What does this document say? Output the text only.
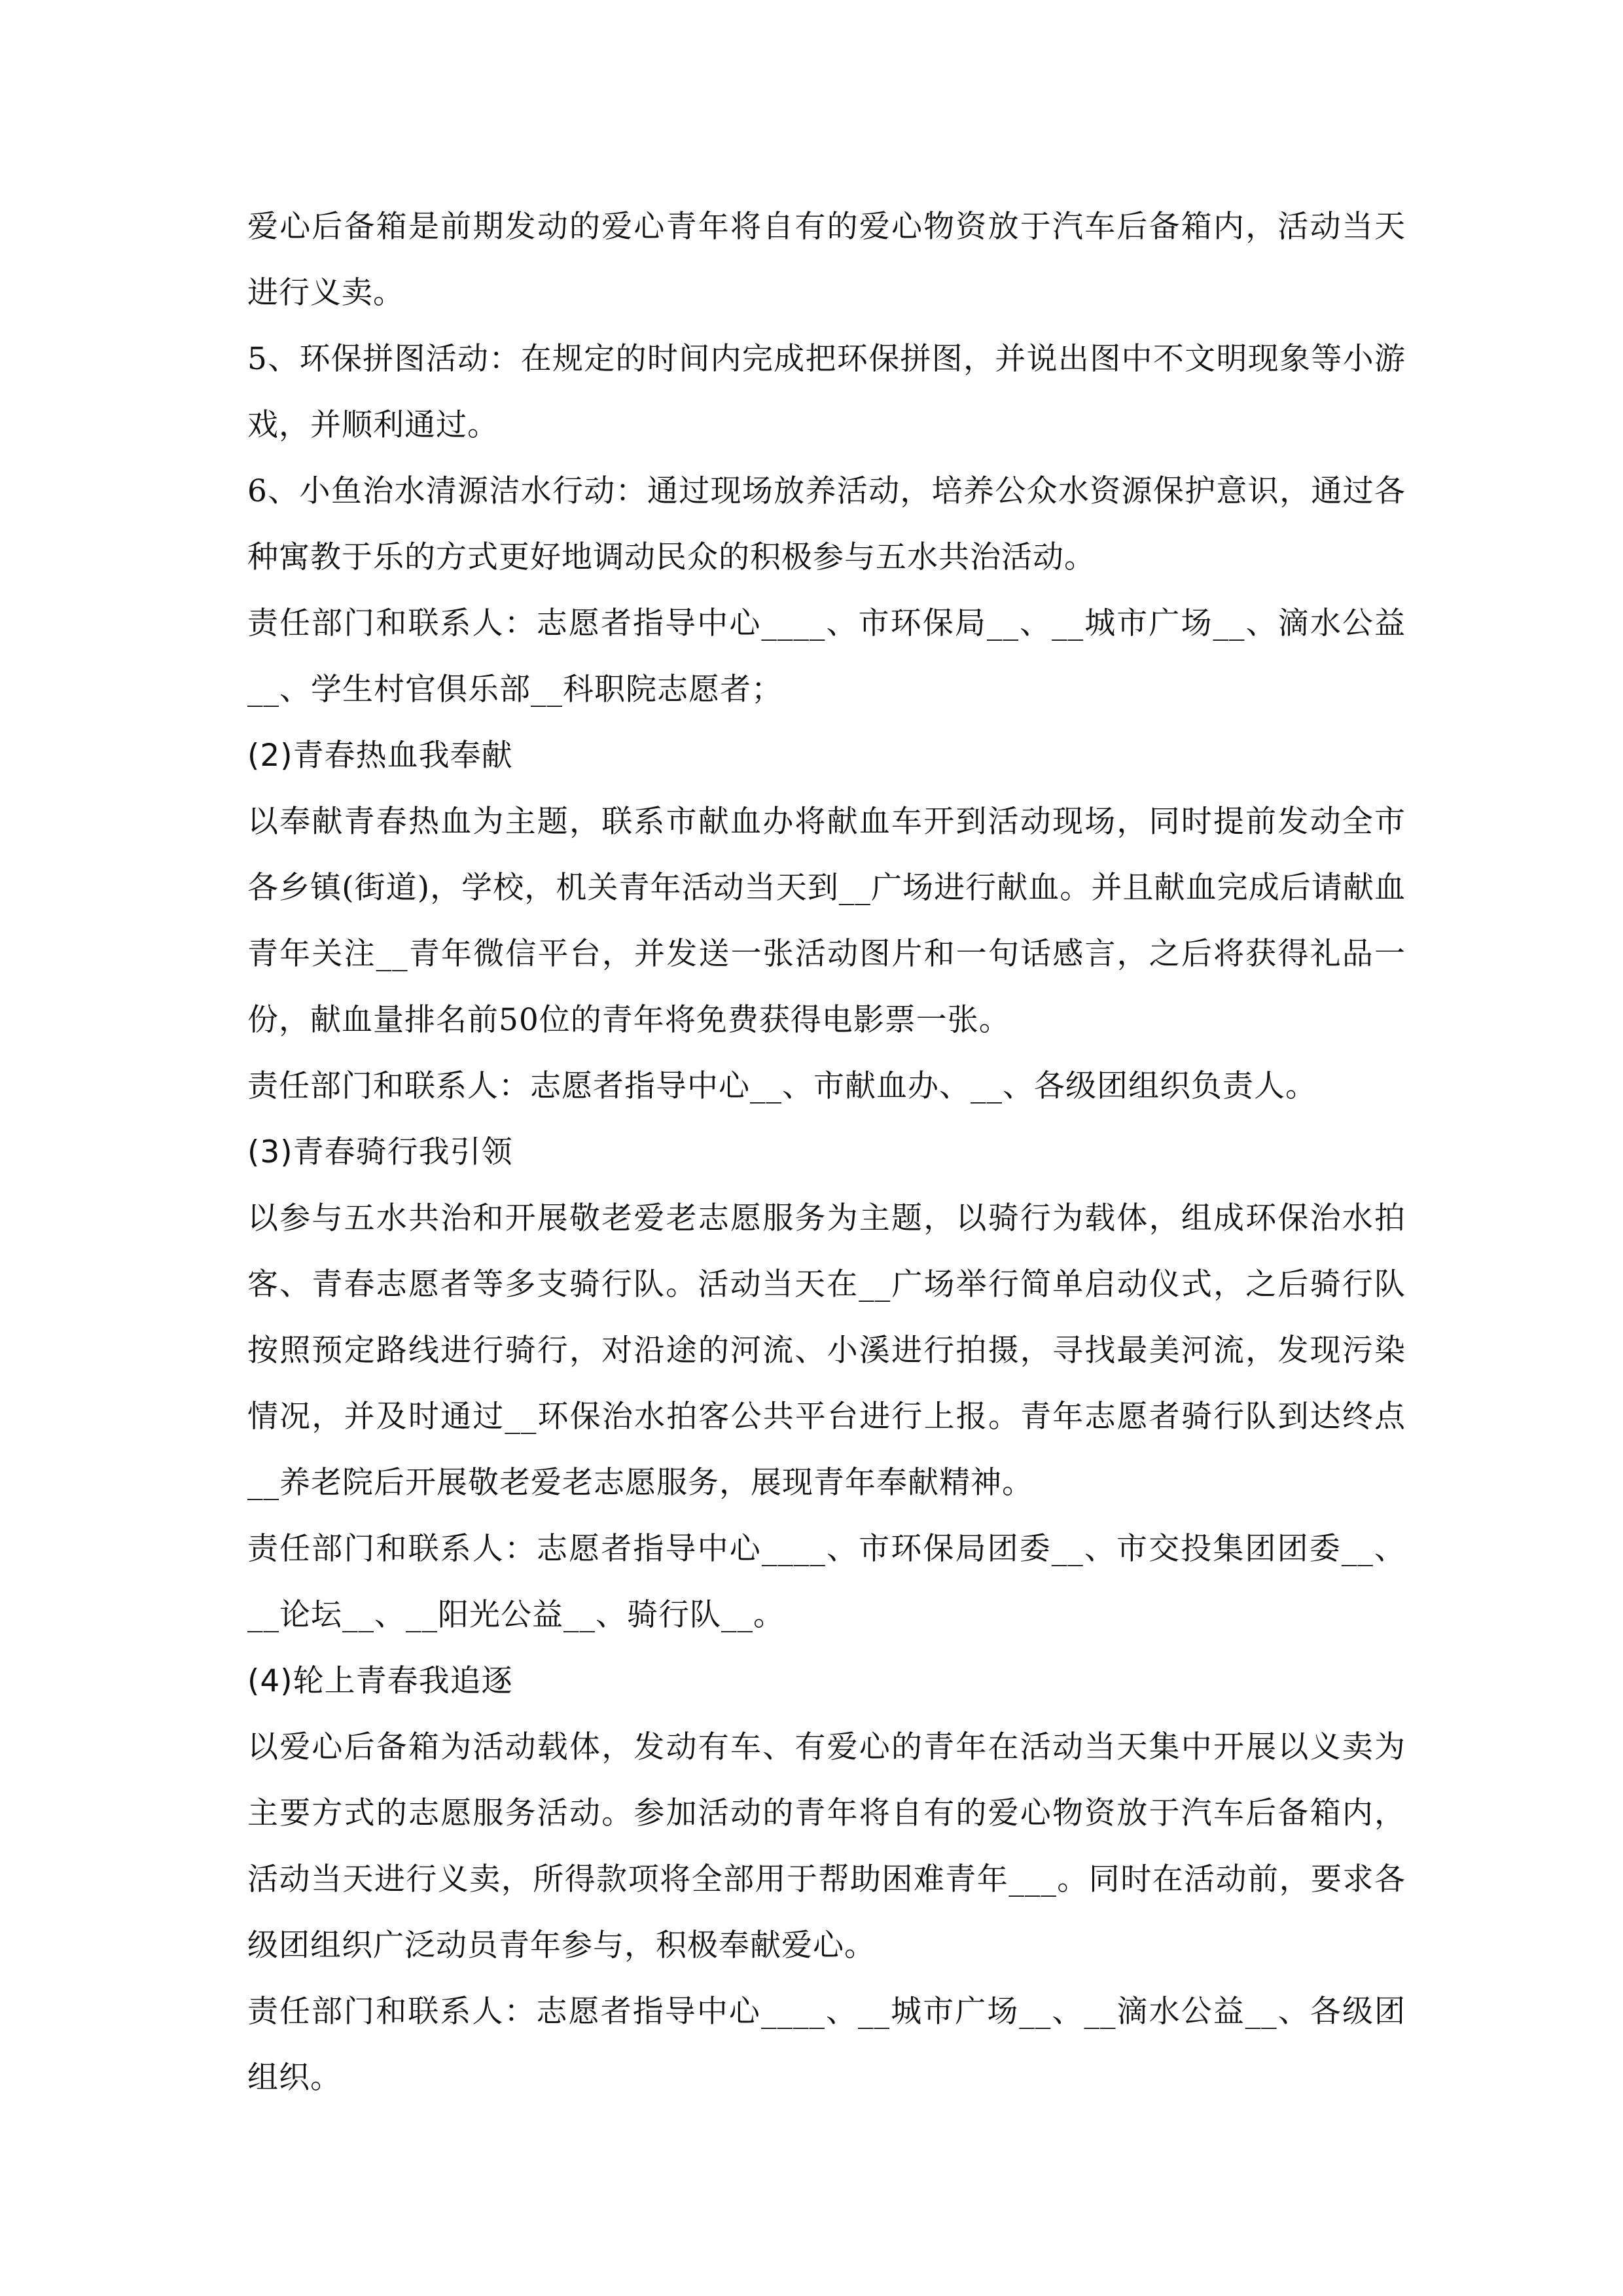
爱心后备箱是前期发动的爱心青年将自有的爱心物资放于汽车后备箱内，活动当天进行义卖。

5、环保拼图活动：在规定的时间内完成把环保拼图，并说出图中不文明现象等小游戏，并顺利通过。

6、小鱼治水清源洁水行动：通过现场放养活动，培养公众水资源保护意识，通过各种寓教于乐的方式更好地调动民众的积极参与五水共治活动。

责任部门和联系人：志愿者指导中心____、市环保局__、__城市广场__、滴水公益__、学生村官俱乐部__科职院志愿者；

(2)青春热血我奉献

以奉献青春热血为主题，联系市献血办将献血车开到活动现场，同时提前发动全市各乡镇(街道)，学校，机关青年活动当天到__广场进行献血。并且献血完成后请献血青年关注__青年微信平台，并发送一张活动图片和一句话感言，之后将获得礼品一份，献血量排名前50位的青年将免费获得电影票一张。

责任部门和联系人：志愿者指导中心__、市献血办、__、各级团组织负责人。

(3)青春骑行我引领

以参与五水共治和开展敬老爱老志愿服务为主题，以骑行为载体，组成环保治水拍客、青春志愿者等多支骑行队。活动当天在__广场举行简单启动仪式，之后骑行队按照预定路线进行骑行，对沿途的河流、小溪进行拍摄，寻找最美河流，发现污染情况，并及时通过__环保治水拍客公共平台进行上报。青年志愿者骑行队到达终点__养老院后开展敬老爱老志愿服务，展现青年奉献精神。

责任部门和联系人：志愿者指导中心____、市环保局团委__、市交投集团团委__、__论坛__、__阳光公益__、骑行队__。

(4)轮上青春我追逐

以爱心后备箱为活动载体，发动有车、有爱心的青年在活动当天集中开展以义卖为主要方式的志愿服务活动。参加活动的青年将自有的爱心物资放于汽车后备箱内，活动当天进行义卖，所得款项将全部用于帮助困难青年___。同时在活动前，要求各级团组织广泛动员青年参与，积极奉献爱心。

责任部门和联系人：志愿者指导中心____、__城市广场__、__滴水公益__、各级团组织。
